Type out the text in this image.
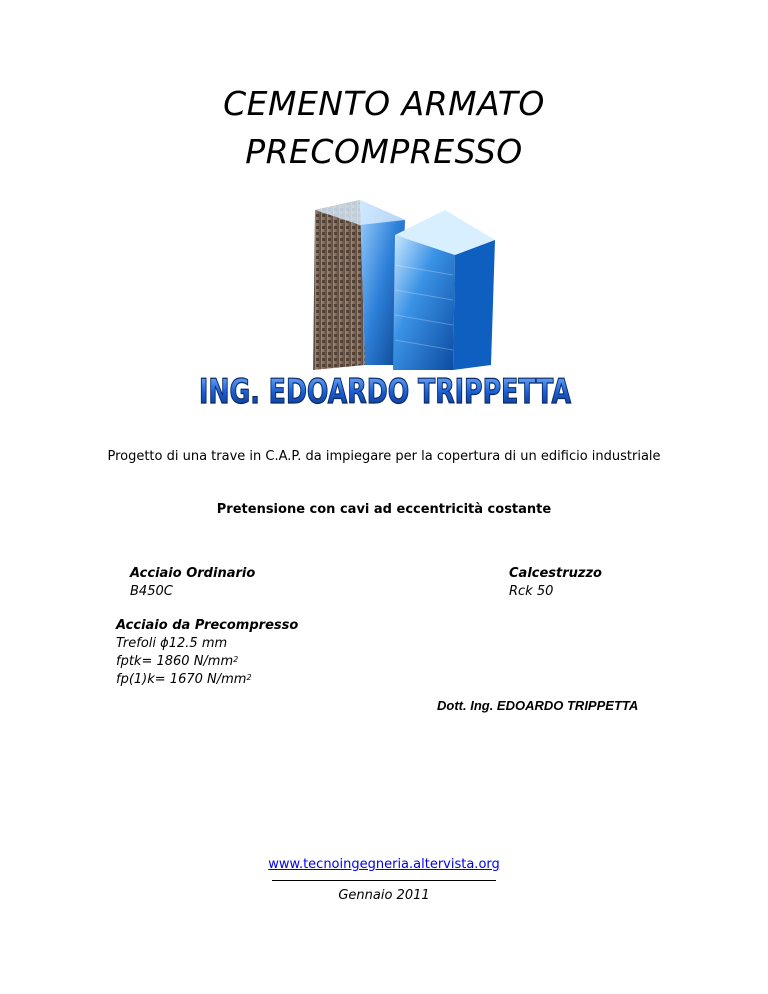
CEMENTO ARMATO
PRECOMPRESSO
ING. EDOARDO TRIPPETTA
Progetto di una trave in C.A.P. da impiegare per la copertura di un edificio industriale
Pretensione con cavi ad eccentricità costante
Acciaio Ordinario
B450C
Calcestruzzo
Rck 50
Acciaio da Precompresso
Trefoli ϕ12.5 mm
fptk= 1860 $N/mm^2$
fp(1)k= 1670 $N/mm^2$
Dott. Ing. EDOARDO TRIPPETTA
www.tecnoingegneria.altervista.org
Gennaio 2011
